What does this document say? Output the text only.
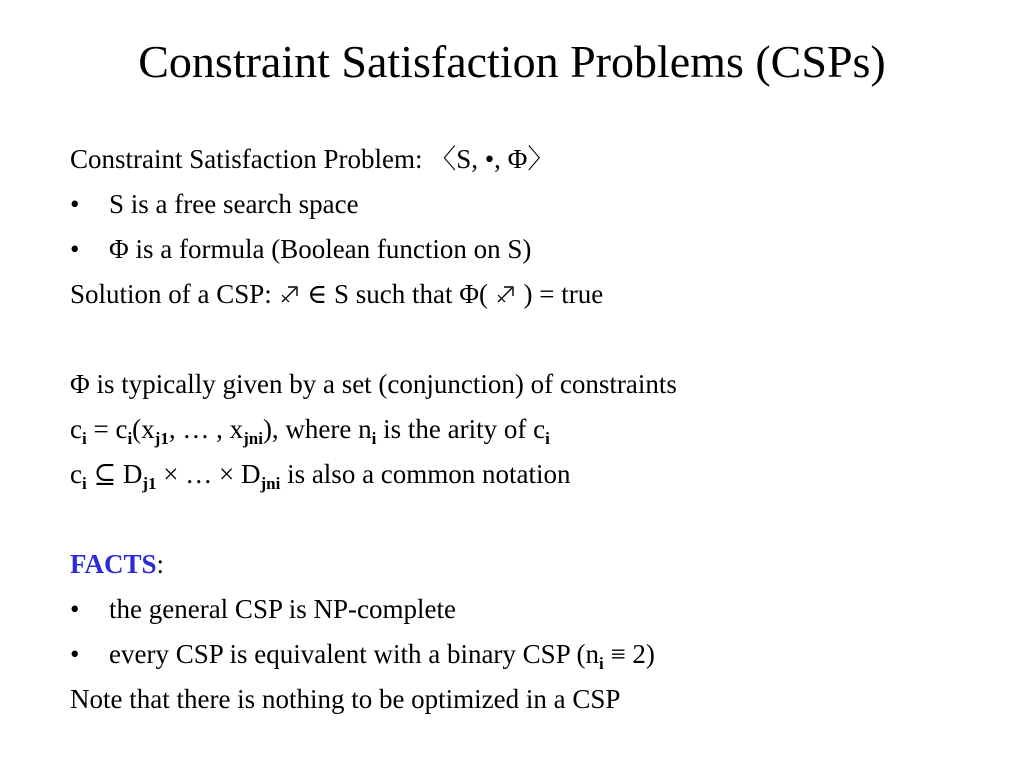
Constraint Satisfaction Problems (CSPs)
Constraint Satisfaction Problem: 〈S, •, Φ〉
•	S is a free search space
•	Φ is a formula (Boolean function on S)
Solution of a CSP:  ∈ S such that Φ( ) = true
Φ is typically given by a set (conjunction) of constraints
$c_i = c_i(x_{j1}$, … , $x_{jni}$), where $n_i$ is the arity of $c_i$
$c_i$ ⊆ $D_{j1}$ × … × $D_{jni}$ is also a common notation
FACTS:
•	the general CSP is NP-complete
•	every CSP is equivalent with a binary CSP $(n_i \equiv 2)$
Note that there is nothing to be optimized in a CSP
